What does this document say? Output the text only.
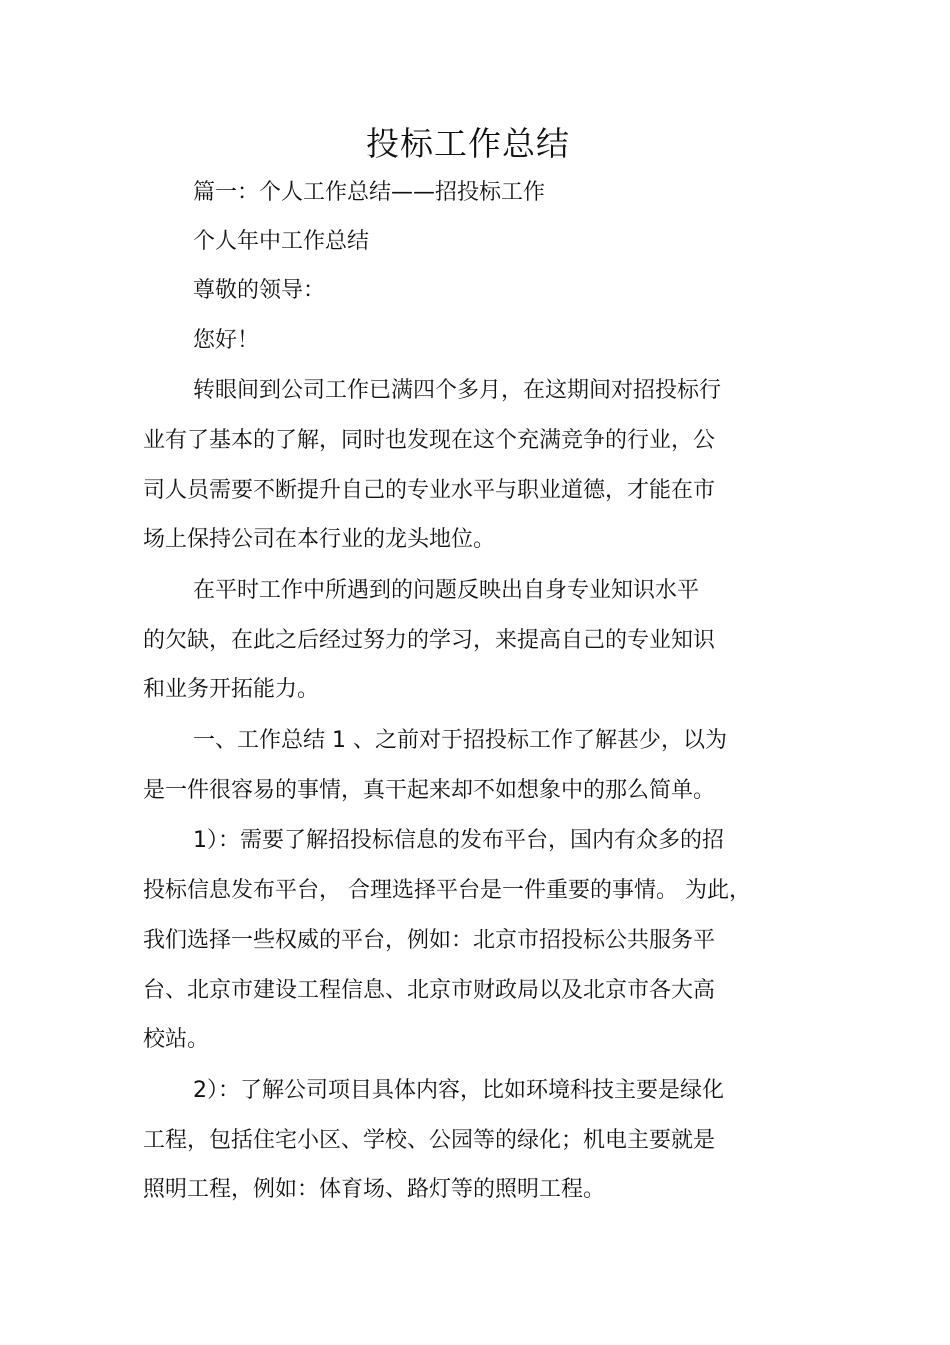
投标工作总结
篇一：个人工作总结——招投标工作
个人年中工作总结
尊敬的领导：
您好！
转眼间到公司工作已满四个多月，在这期间对招投标行
业有了基本的了解，同时也发现在这个充满竞争的行业，公
司人员需要不断提升自己的专业水平与职业道德，才能在市
场上保持公司在本行业的龙头地位。
在平时工作中所遇到的问题反映出自身专业知识水平
的欠缺，在此之后经过努力的学习，来提高自己的专业知识
和业务开拓能力。
一、工作总结 1 、之前对于招投标工作了解甚少，以为
是一件很容易的事情，真干起来却不如想象中的那么简单。
1）：需要了解招投标信息的发布平台，国内有众多的招
投标信息发布平台， 合理选择平台是一件重要的事情。 为此，
我们选择一些权威的平台，例如：北京市招投标公共服务平
台、北京市建设工程信息、北京市财政局以及北京市各大高
校站。
2）：了解公司项目具体内容，比如环境科技主要是绿化
工程，包括住宅小区、学校、公园等的绿化；机电主要就是
照明工程，例如：体育场、路灯等的照明工程。
